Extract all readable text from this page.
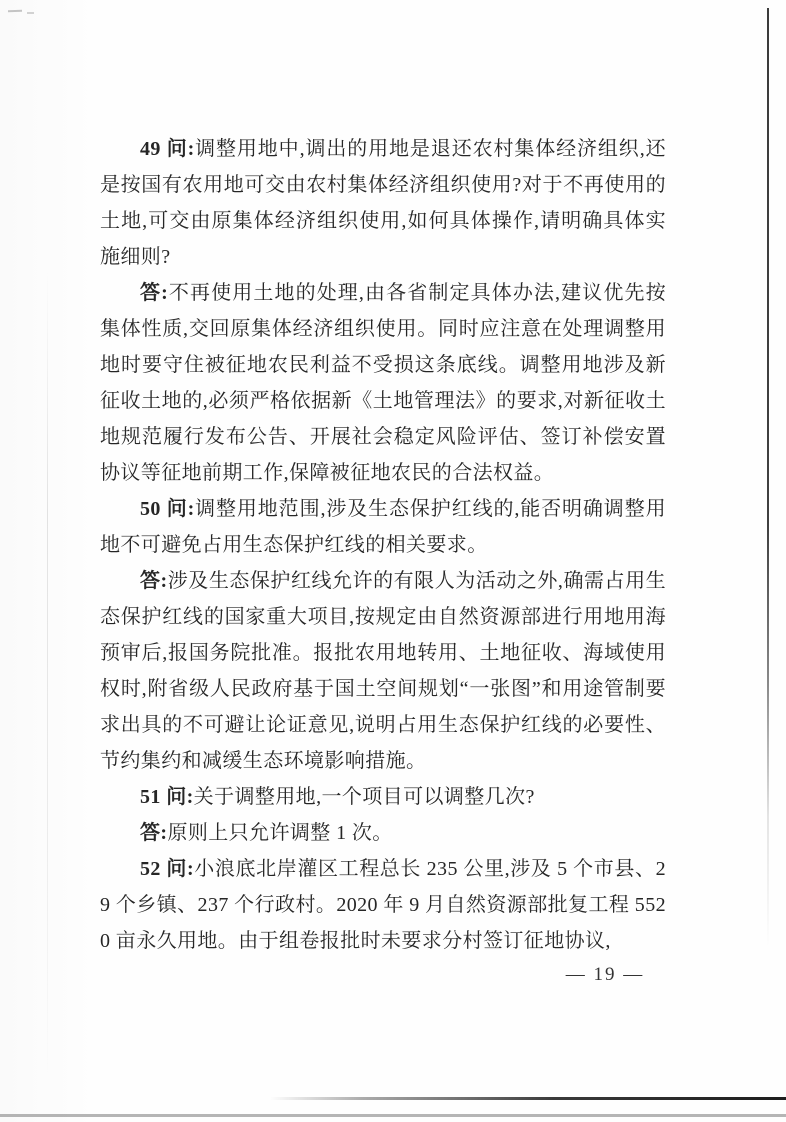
49 问:调整用地中,调出的用地是退还农村集体经济组织,还是按国有农用地可交由农村集体经济组织使用?对于不再使用的土地,可交由原集体经济组织使用,如何具体操作,请明确具体实施细则?

答:不再使用土地的处理,由各省制定具体办法,建议优先按集体性质,交回原集体经济组织使用。同时应注意在处理调整用地时要守住被征地农民利益不受损这条底线。调整用地涉及新征收土地的,必须严格依据新《土地管理法》的要求,对新征收土地规范履行发布公告、开展社会稳定风险评估、签订补偿安置协议等征地前期工作,保障被征地农民的合法权益。

50 问:调整用地范围,涉及生态保护红线的,能否明确调整用地不可避免占用生态保护红线的相关要求。

答:涉及生态保护红线允许的有限人为活动之外,确需占用生态保护红线的国家重大项目,按规定由自然资源部进行用地用海预审后,报国务院批准。报批农用地转用、土地征收、海域使用权时,附省级人民政府基于国土空间规划“一张图”和用途管制要求出具的不可避让论证意见,说明占用生态保护红线的必要性、节约集约和减缓生态环境影响措施。

51 问:关于调整用地,一个项目可以调整几次?

答:原则上只允许调整 1 次。

52 问:小浪底北岸灌区工程总长 235 公里,涉及 5 个市县、29 个乡镇、237 个行政村。2020 年 9 月自然资源部批复工程 5520 亩永久用地。由于组卷报批时未要求分村签订征地协议,

— 19 —
